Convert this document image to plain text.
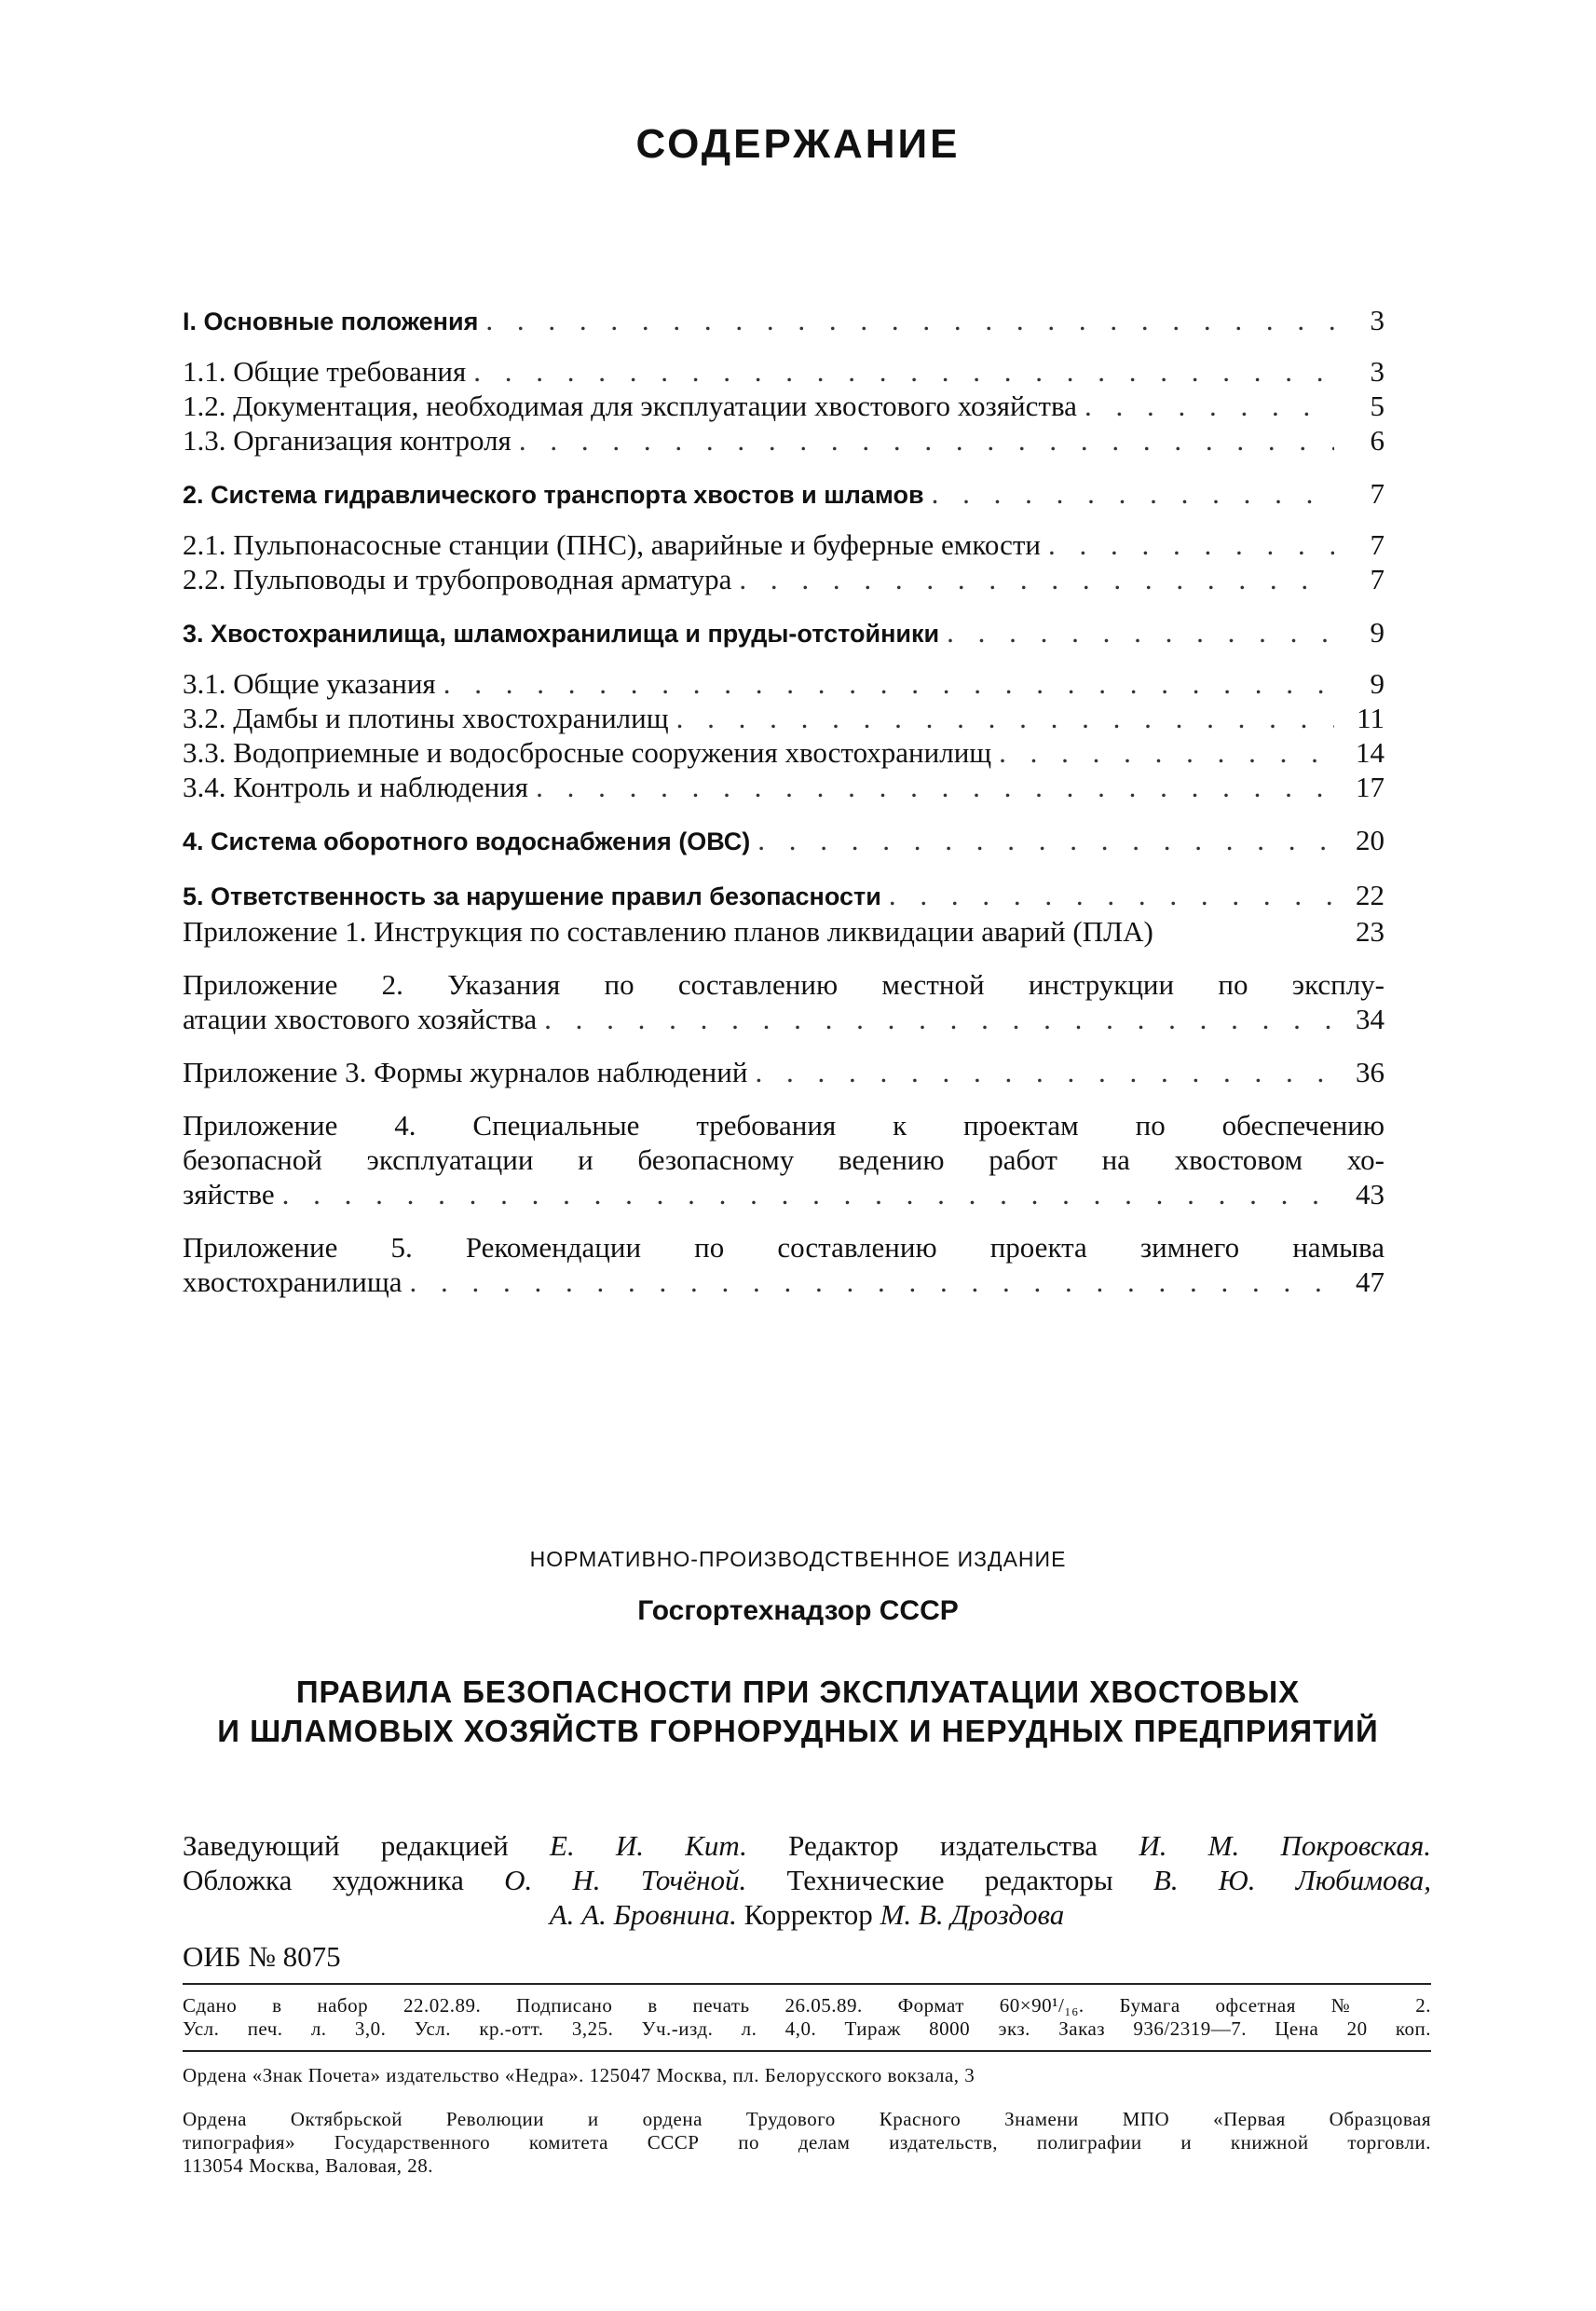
СОДЕРЖАНИЕ
I. Основные положения . . .	3
1.1. Общие требования . . .	3
1.2. Документация, необходимая для эксплуатации хвостового хозяйства . . .	5
1.3. Организация контроля . . .	6
2. Система гидравлического транспорта хвостов и шламов . . .	7
2.1. Пульпонасосные станции (ПНС), аварийные и буферные емкости . . .	7
2.2. Пульповоды и трубопроводная арматура . . .	7
3. Хвостохранилища, шламохранилища и пруды-отстойники . . .	9
3.1. Общие указания . . .	9
3.2. Дамбы и плотины хвостохранилищ . . .	11
3.3. Водоприемные и водосбросные сооружения хвостохранилищ . . .	14
3.4. Контроль и наблюдения . . .	17
4. Система оборотного водоснабжения (ОВС) . . .	20
5. Ответственность за нарушение правил безопасности . . .	22
Приложение 1. Инструкция по составлению планов ликвидации аварий (ПЛА)	23
Приложение 2. Указания по составлению местной инструкции по эксплу-
атации хвостового хозяйства . . .	34
Приложение 3. Формы журналов наблюдений . . .	36
Приложение 4. Специальные требования к проектам по обеспечению
безопасной эксплуатации и безопасному ведению работ на хвостовом хо-
зяйстве . . .	43
Приложение 5. Рекомендации по составлению проекта зимнего намыва
хвостохранилища . . .	47
НОРМАТИВНО-ПРОИЗВОДСТВЕННОЕ ИЗДАНИЕ
Госгортехнадзор СССР
ПРАВИЛА БЕЗОПАСНОСТИ ПРИ ЭКСПЛУАТАЦИИ ХВОСТОВЫХ
И ШЛАМОВЫХ ХОЗЯЙСТВ ГОРНОРУДНЫХ И НЕРУДНЫХ ПРЕДПРИЯТИЙ
Заведующий редакцией Е. И. Кит. Редактор издательства И. М. Покровская.
Обложка художника О. Н. Точёной. Технические редакторы В. Ю. Любимова,
А. А. Бровнина. Корректор М. В. Дроздова
ОИБ № 8075
Сдано в набор 22.02.89. Подписано в печать 26.05.89. Формат 60×90¹/₁₆. Бумага офсетная № 2.
Усл. печ. л. 3,0. Усл. кр.-отт. 3,25. Уч.-изд. л. 4,0. Тираж 8000 экз. Заказ 936/2319—7. Цена 20 коп.
Ордена «Знак Почета» издательство «Недра». 125047 Москва, пл. Белорусского вокзала, 3
Ордена Октябрьской Революции и ордена Трудового Красного Знамени МПО «Первая Образцовая
типография» Государственного комитета СССР по делам издательств, полиграфии и книжной торговли.
113054 Москва, Валовая, 28.
